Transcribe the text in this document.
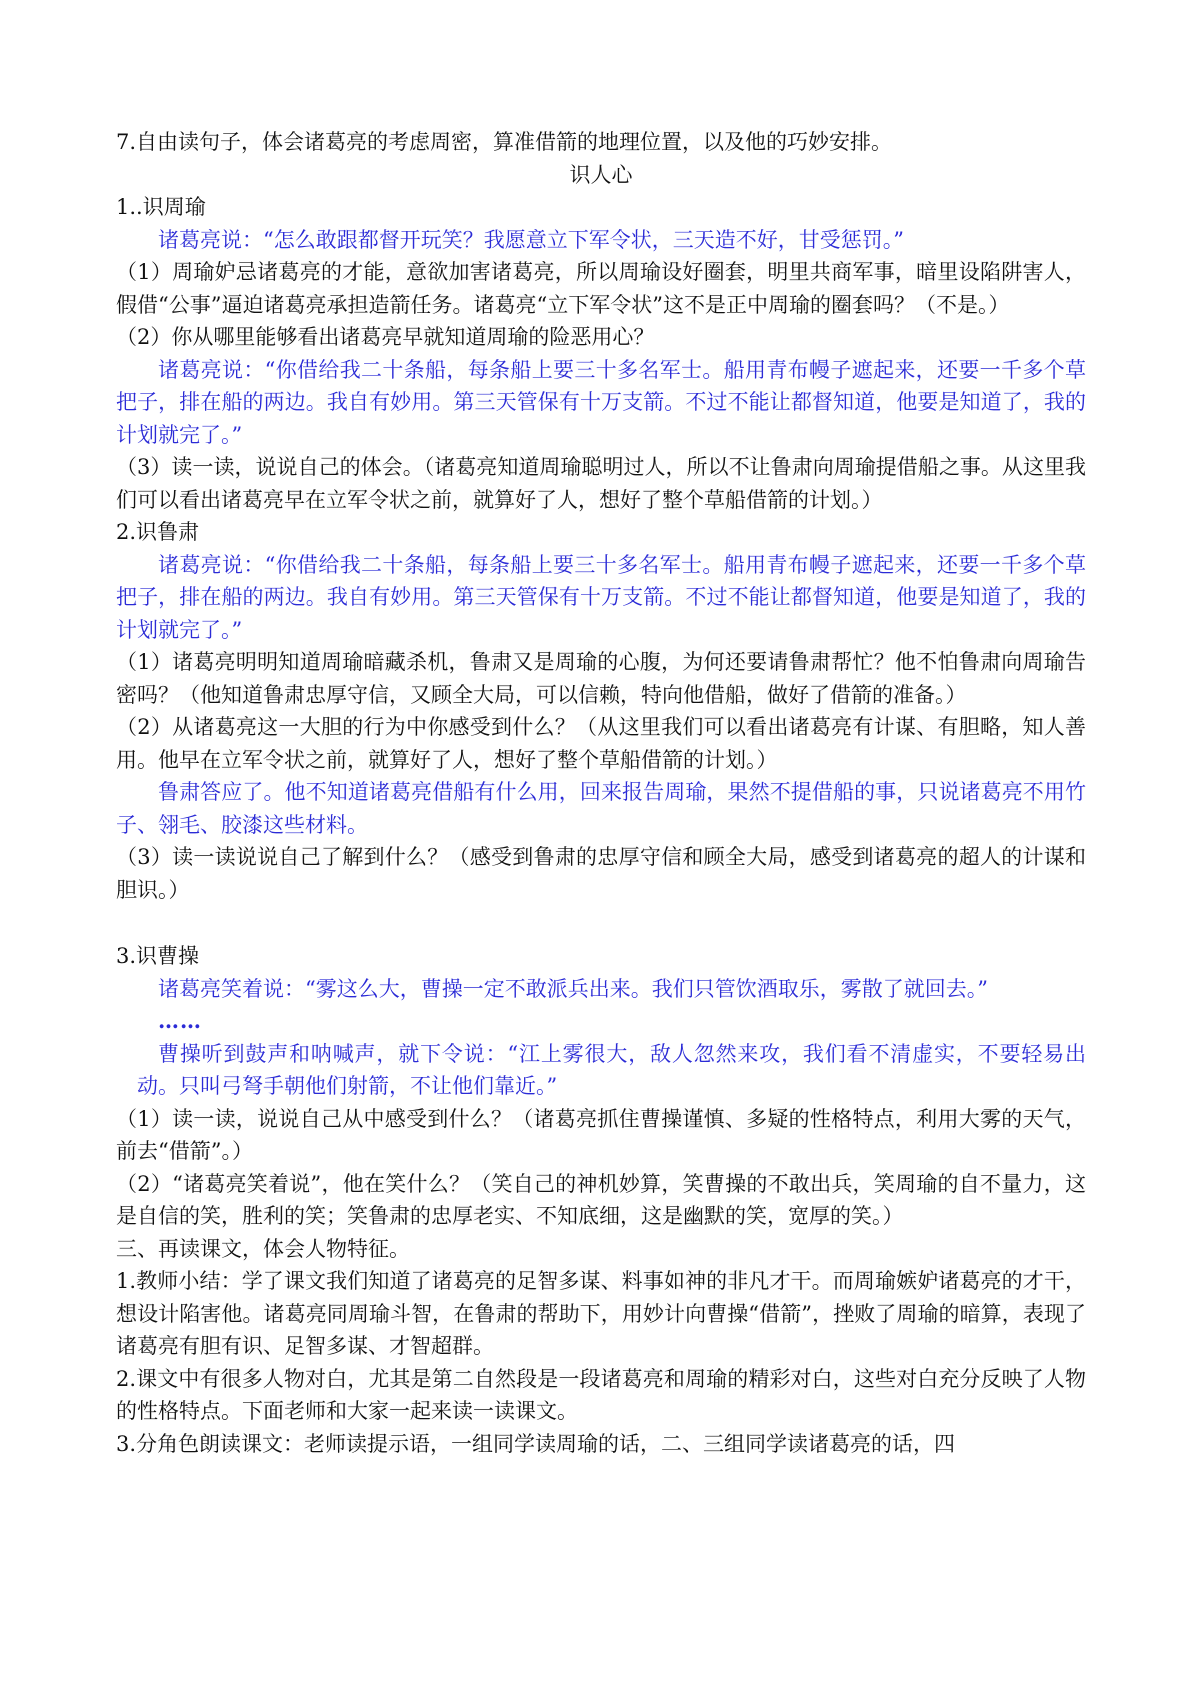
7.自由读句子，体会诸葛亮的考虑周密，算准借箭的地理位置，以及他的巧妙安排。

识人心

1..识周瑜

诸葛亮说：“怎么敢跟都督开玩笑？我愿意立下军令状，三天造不好，甘受惩罚。”

（1）周瑜妒忌诸葛亮的才能，意欲加害诸葛亮，所以周瑜设好圈套，明里共商军事，暗里设陷阱害人，假借“公事”逼迫诸葛亮承担造箭任务。诸葛亮“立下军令状”这不是正中周瑜的圈套吗？（不是。）

（2）你从哪里能够看出诸葛亮早就知道周瑜的险恶用心？

诸葛亮说：“你借给我二十条船，每条船上要三十多名军士。船用青布幔子遮起来，还要一千多个草把子，排在船的两边。我自有妙用。第三天管保有十万支箭。不过不能让都督知道，他要是知道了，我的计划就完了。”

（3）读一读，说说自己的体会。（诸葛亮知道周瑜聪明过人，所以不让鲁肃向周瑜提借船之事。从这里我们可以看出诸葛亮早在立军令状之前，就算好了人，想好了整个草船借箭的计划。）

2.识鲁肃

诸葛亮说：“你借给我二十条船，每条船上要三十多名军士。船用青布幔子遮起来，还要一千多个草把子，排在船的两边。我自有妙用。第三天管保有十万支箭。不过不能让都督知道，他要是知道了，我的计划就完了。”

（1）诸葛亮明明知道周瑜暗藏杀机，鲁肃又是周瑜的心腹，为何还要请鲁肃帮忙？他不怕鲁肃向周瑜告密吗？（他知道鲁肃忠厚守信，又顾全大局，可以信赖，特向他借船，做好了借箭的准备。）

（2）从诸葛亮这一大胆的行为中你感受到什么？（从这里我们可以看出诸葛亮有计谋、有胆略，知人善用。他早在立军令状之前，就算好了人，想好了整个草船借箭的计划。）

鲁肃答应了。他不知道诸葛亮借船有什么用，回来报告周瑜，果然不提借船的事，只说诸葛亮不用竹子、翎毛、胶漆这些材料。

（3）读一读说说自己了解到什么？（感受到鲁肃的忠厚守信和顾全大局，感受到诸葛亮的超人的计谋和胆识。）

3.识曹操

诸葛亮笑着说：“雾这么大，曹操一定不敢派兵出来。我们只管饮酒取乐，雾散了就回去。”

……

曹操听到鼓声和呐喊声，就下令说：“江上雾很大，敌人忽然来攻，我们看不清虚实，不要轻易出动。只叫弓弩手朝他们射箭，不让他们靠近。”

（1）读一读，说说自己从中感受到什么？（诸葛亮抓住曹操谨慎、多疑的性格特点，利用大雾的天气，前去“借箭”。）

（2）“诸葛亮笑着说”，他在笑什么？（笑自己的神机妙算，笑曹操的不敢出兵，笑周瑜的自不量力，这是自信的笑，胜利的笑；笑鲁肃的忠厚老实、不知底细，这是幽默的笑，宽厚的笑。）

三、再读课文，体会人物特征。

1.教师小结：学了课文我们知道了诸葛亮的足智多谋、料事如神的非凡才干。而周瑜嫉妒诸葛亮的才干，想设计陷害他。诸葛亮同周瑜斗智，在鲁肃的帮助下，用妙计向曹操“借箭”，挫败了周瑜的暗算，表现了诸葛亮有胆有识、足智多谋、才智超群。

2.课文中有很多人物对白，尤其是第二自然段是一段诸葛亮和周瑜的精彩对白，这些对白充分反映了人物的性格特点。下面老师和大家一起来读一读课文。

3.分角色朗读课文：老师读提示语，一组同学读周瑜的话，二、三组同学读诸葛亮的话，四
